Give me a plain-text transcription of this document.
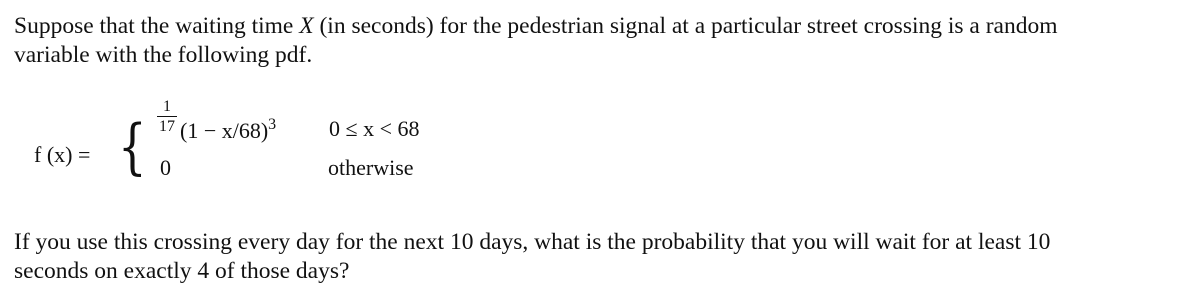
Suppose that the waiting time X (in seconds) for the pedestrian signal at a particular street crossing is a random
variable with the following pdf.

f (x) = {
1
17 $(1 - x/68)^3$ 0 ≤ x < 68
0	otherwise

If you use this crossing every day for the next 10 days, what is the probability that you will wait for at least 10
seconds on exactly 4 of those days?
